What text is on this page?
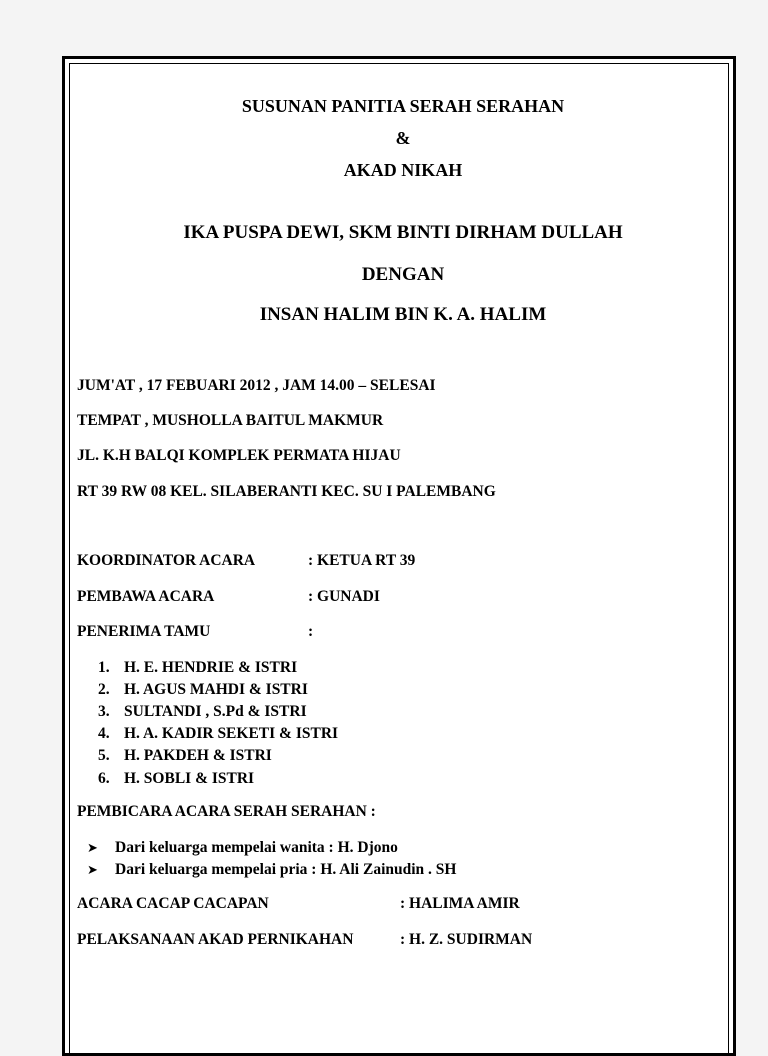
SUSUNAN PANITIA SERAH SERAHAN
&
AKAD NIKAH
IKA PUSPA DEWI, SKM BINTI DIRHAM DULLAH
DENGAN
INSAN HALIM BIN K. A. HALIM
JUM'AT , 17 FEBUARI 2012 , JAM 14.00 – SELESAI
TEMPAT , MUSHOLLA BAITUL MAKMUR
JL. K.H BALQI KOMPLEK PERMATA HIJAU
RT 39 RW 08 KEL. SILABERANTI KEC. SU I PALEMBANG
KOORDINATOR ACARA	: KETUA RT 39
PEMBAWA ACARA	: GUNADI
PENERIMA TAMU	:
1. H. E. HENDRIE & ISTRI
2. H. AGUS MAHDI & ISTRI
3. SULTANDI , S.Pd & ISTRI
4. H. A. KADIR SEKETI & ISTRI
5. H. PAKDEH & ISTRI
6. H. SOBLI & ISTRI
PEMBICARA ACARA SERAH SERAHAN :
➤ Dari keluarga mempelai wanita : H. Djono
➤ Dari keluarga mempelai pria : H. Ali Zainudin . SH
ACARA CACAP CACAPAN	: HALIMA AMIR
PELAKSANAAN AKAD PERNIKAHAN	: H. Z. SUDIRMAN
